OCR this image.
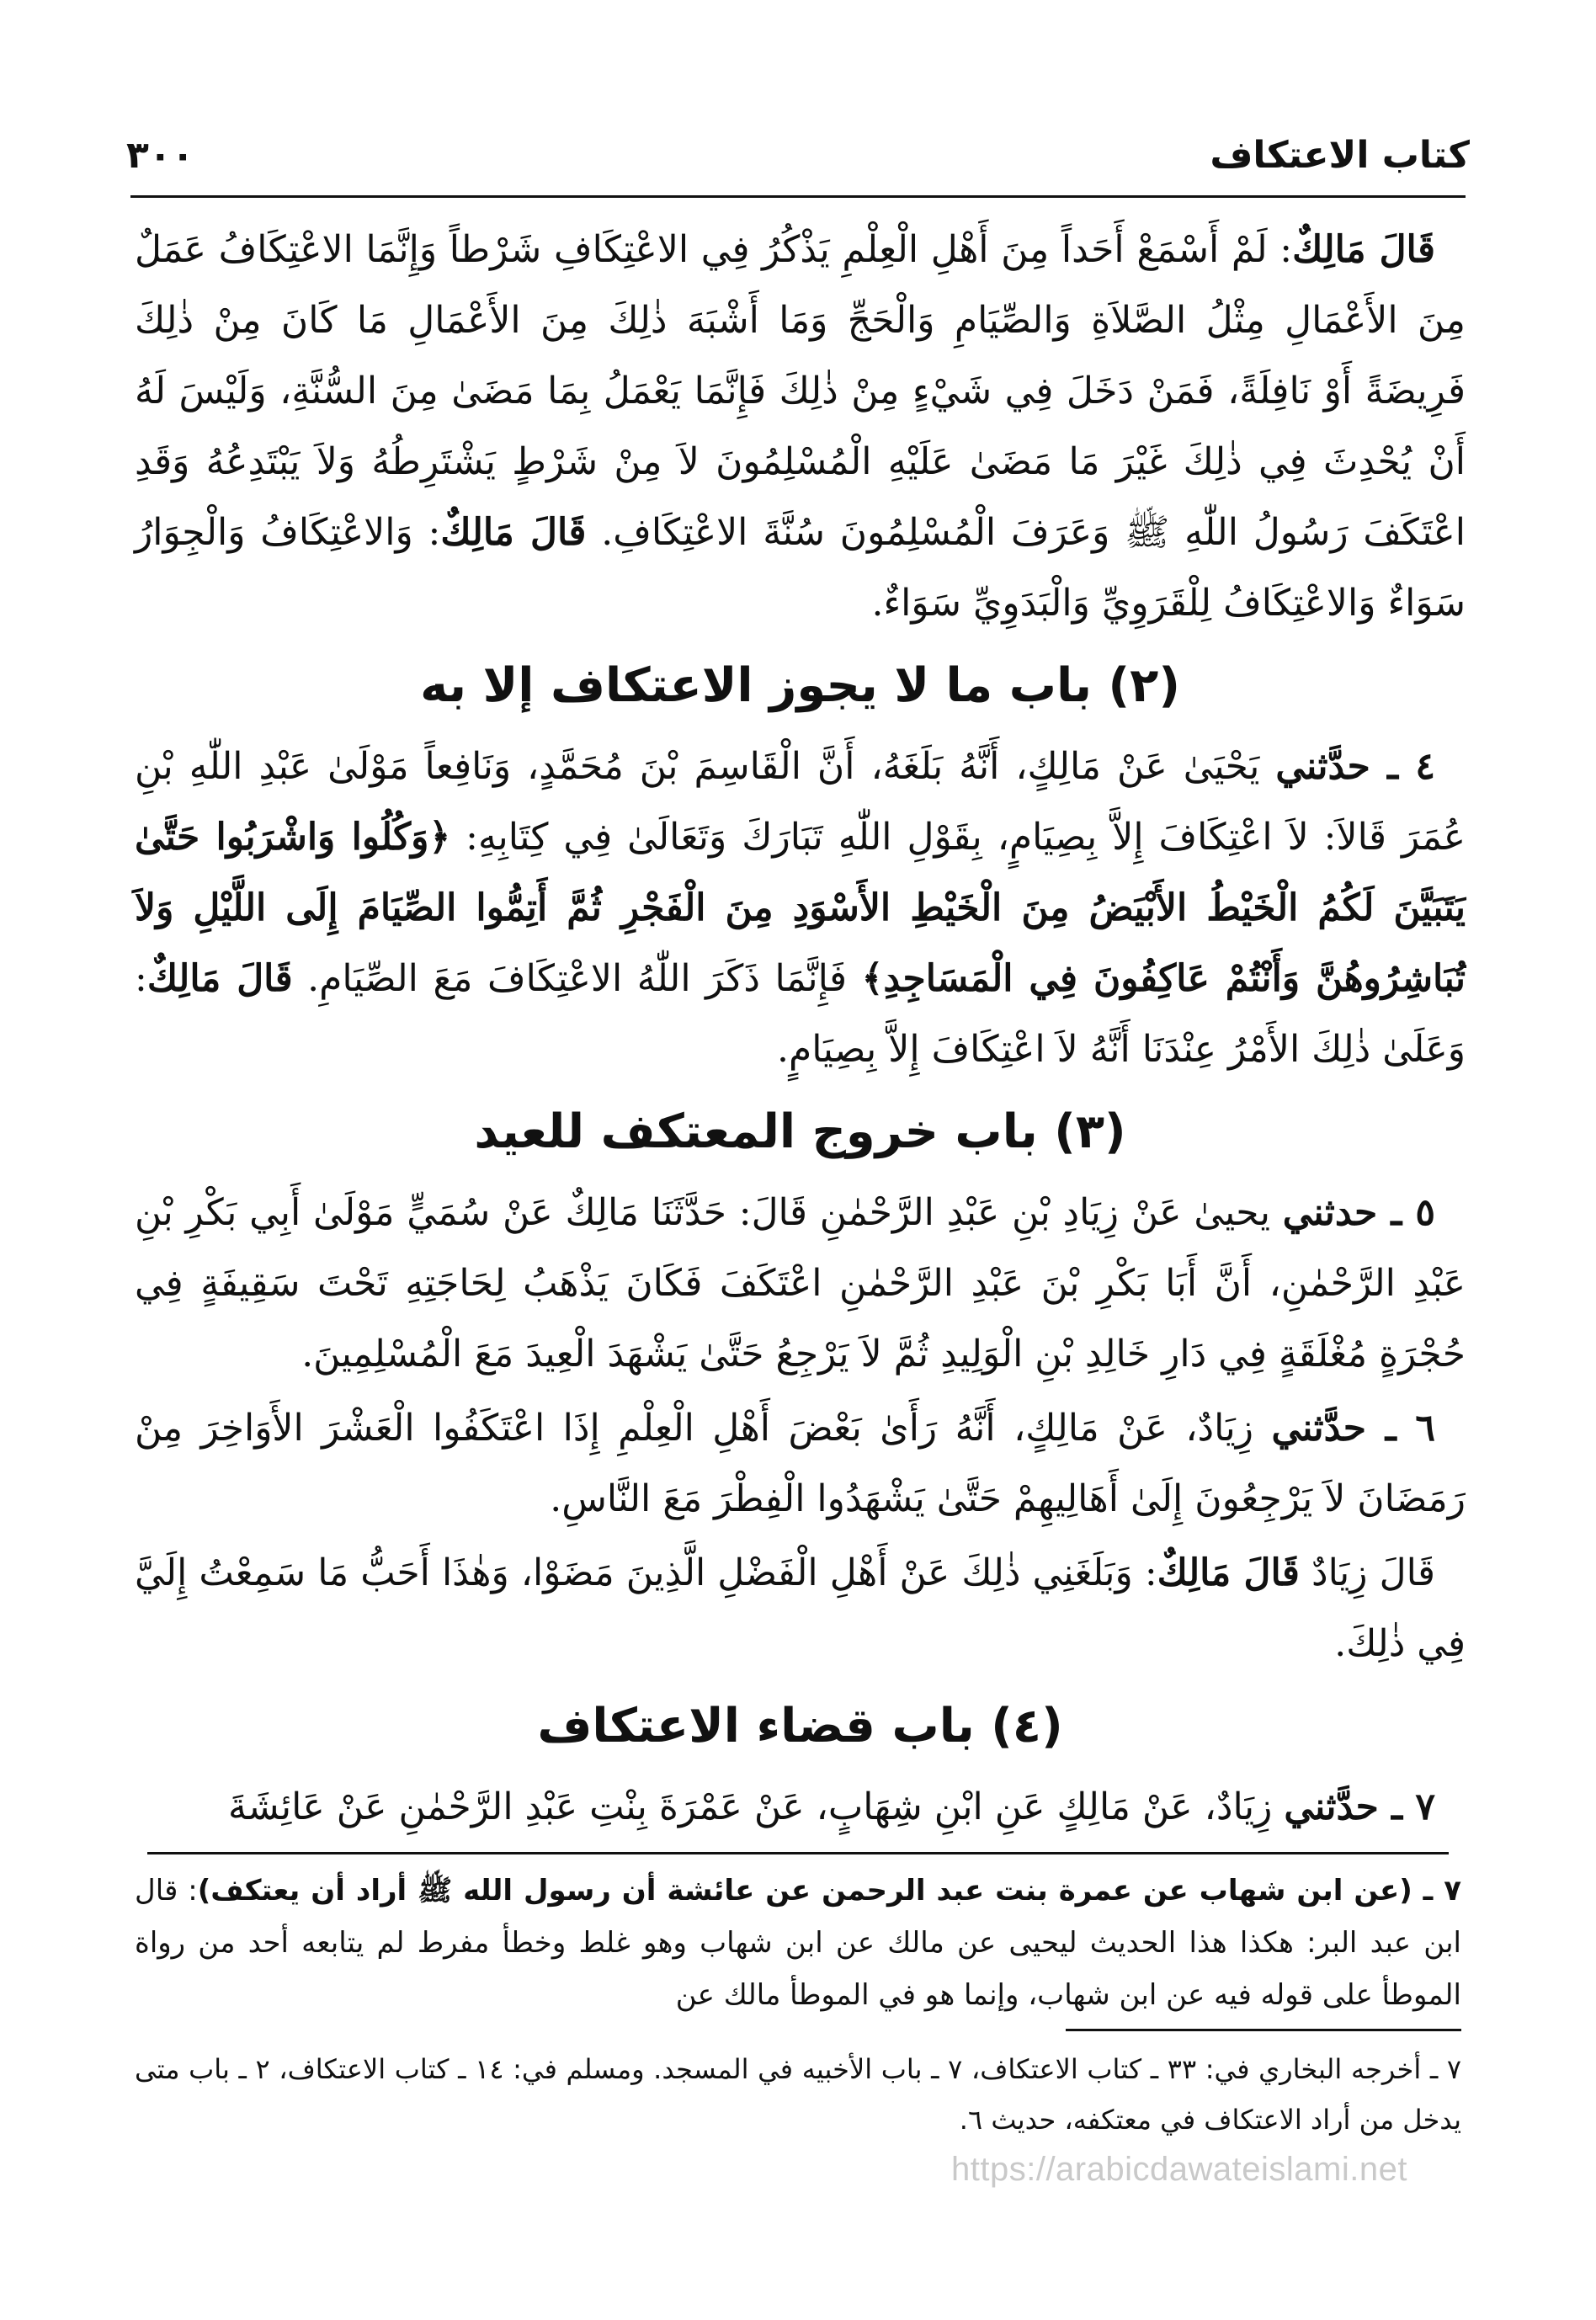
كتاب الاعتكاف
٣٠٠

قَالَ مَالِكٌ: لَمْ أَسْمَعْ أَحَداً مِنَ أَهْلِ الْعِلْمِ يَذْكُرُ فِي الاعْتِكَافِ شَرْطاً وَإِنَّمَا الاعْتِكَافُ عَمَلٌ مِنَ الأَعْمَالِ مِثْلُ الصَّلاَةِ وَالصِّيَامِ وَالْحَجِّ وَمَا أَشْبَهَ ذٰلِكَ مِنَ الأَعْمَالِ مَا كَانَ مِنْ ذٰلِكَ فَرِيضَةً أَوْ نَافِلَةً، فَمَنْ دَخَلَ فِي شَيْءٍ مِنْ ذٰلِكَ فَإِنَّمَا يَعْمَلُ بِمَا مَضَىٰ مِنَ السُّنَّةِ، وَلَيْسَ لَهُ أَنْ يُحْدِثَ فِي ذٰلِكَ غَيْرَ مَا مَضَىٰ عَلَيْهِ الْمُسْلِمُونَ لاَ مِنْ شَرْطٍ يَشْتَرِطُهُ وَلاَ يَبْتَدِعُهُ وَقَدِ اعْتَكَفَ رَسُولُ اللّٰهِ ﷺ وَعَرَفَ الْمُسْلِمُونَ سُنَّةَ الاعْتِكَافِ. قَالَ مَالِكٌ: وَالاعْتِكَافُ وَالْجِوَارُ سَوَاءٌ وَالاعْتِكَافُ لِلْقَرَوِيِّ وَالْبَدَوِيِّ سَوَاءٌ.

(٢) باب ما لا يجوز الاعتكاف إلا به

٤ ـ حدَّثني يَحْيَىٰ عَنْ مَالِكٍ، أَنَّهُ بَلَغَهُ، أَنَّ الْقَاسِمَ بْنَ مُحَمَّدٍ، وَنَافِعاً مَوْلَىٰ عَبْدِ اللّٰهِ بْنِ عُمَرَ قَالاَ: لاَ اعْتِكَافَ إِلاَّ بِصِيَامٍ، بِقَوْلِ اللّٰهِ تَبَارَكَ وَتَعَالَىٰ فِي كِتَابِهِ: ﴿وَكُلُوا وَاشْرَبُوا حَتَّىٰ يَتَبَيَّنَ لَكُمُ الْخَيْطُ الأَبْيَضُ مِنَ الْخَيْطِ الأَسْوَدِ مِنَ الْفَجْرِ ثُمَّ أَتِمُّوا الصِّيَامَ إِلَى اللَّيْلِ وَلاَ تُبَاشِرُوهُنَّ وَأَنْتُمْ عَاكِفُونَ فِي الْمَسَاجِدِ﴾ فَإِنَّمَا ذَكَرَ اللّٰهُ الاعْتِكَافَ مَعَ الصِّيَامِ. قَالَ مَالِكٌ: وَعَلَىٰ ذٰلِكَ الأَمْرُ عِنْدَنَا أَنَّهُ لاَ اعْتِكَافَ إِلاَّ بِصِيَامٍ.

(٣) باب خروج المعتكف للعيد

٥ ـ حدثني يحيىٰ عَنْ زِيَادِ بْنِ عَبْدِ الرَّحْمٰنِ قَالَ: حَدَّثَنَا مَالِكٌ عَنْ سُمَيٍّ مَوْلَىٰ أَبِي بَكْرِ بْنِ عَبْدِ الرَّحْمٰنِ، أَنَّ أَبَا بَكْرِ بْنَ عَبْدِ الرَّحْمٰنِ اعْتَكَفَ فَكَانَ يَذْهَبُ لِحَاجَتِهِ تَحْتَ سَقِيفَةٍ فِي حُجْرَةٍ مُغْلَقَةٍ فِي دَارِ خَالِدِ بْنِ الْوَلِيدِ ثُمَّ لاَ يَرْجِعُ حَتَّىٰ يَشْهَدَ الْعِيدَ مَعَ الْمُسْلِمِينَ.

٦ ـ حدَّثني زِيَادٌ، عَنْ مَالِكٍ، أَنَّهُ رَأَىٰ بَعْضَ أَهْلِ الْعِلْمِ إِذَا اعْتَكَفُوا الْعَشْرَ الأَوَاخِرَ مِنْ رَمَضَانَ لاَ يَرْجِعُونَ إِلَىٰ أَهَالِيهِمْ حَتَّىٰ يَشْهَدُوا الْفِطْرَ مَعَ النَّاسِ.

قَالَ زِيَادٌ قَالَ مَالِكٌ: وَبَلَغَنِي ذٰلِكَ عَنْ أَهْلِ الْفَضْلِ الَّذِينَ مَضَوْا، وَهٰذَا أَحَبُّ مَا سَمِعْتُ إِلَيَّ فِي ذٰلِكَ.

(٤) باب قضاء الاعتكاف

٧ ـ حدَّثني زِيَادٌ، عَنْ مَالِكٍ عَنِ ابْنِ شِهَابٍ، عَنْ عَمْرَةَ بِنْتِ عَبْدِ الرَّحْمٰنِ عَنْ عَائِشَةَ

٧ ـ (عن ابن شهاب عن عمرة بنت عبد الرحمن عن عائشة أن رسول الله ﷺ أراد أن يعتكف): قال ابن عبد البر: هكذا هذا الحديث ليحيى عن مالك عن ابن شهاب وهو غلط وخطأ مفرط لم يتابعه أحد من رواة الموطأ على قوله فيه عن ابن شهاب، وإنما هو في الموطأ مالك عن
٧ ـ أخرجه البخاري في: ٣٣ ـ كتاب الاعتكاف، ٧ ـ باب الأخبيه في المسجد. ومسلم في: ١٤ ـ كتاب الاعتكاف، ٢ ـ باب متى يدخل من أراد الاعتكاف في معتكفه، حديث ٦.
https://arabicdawateislami.net
